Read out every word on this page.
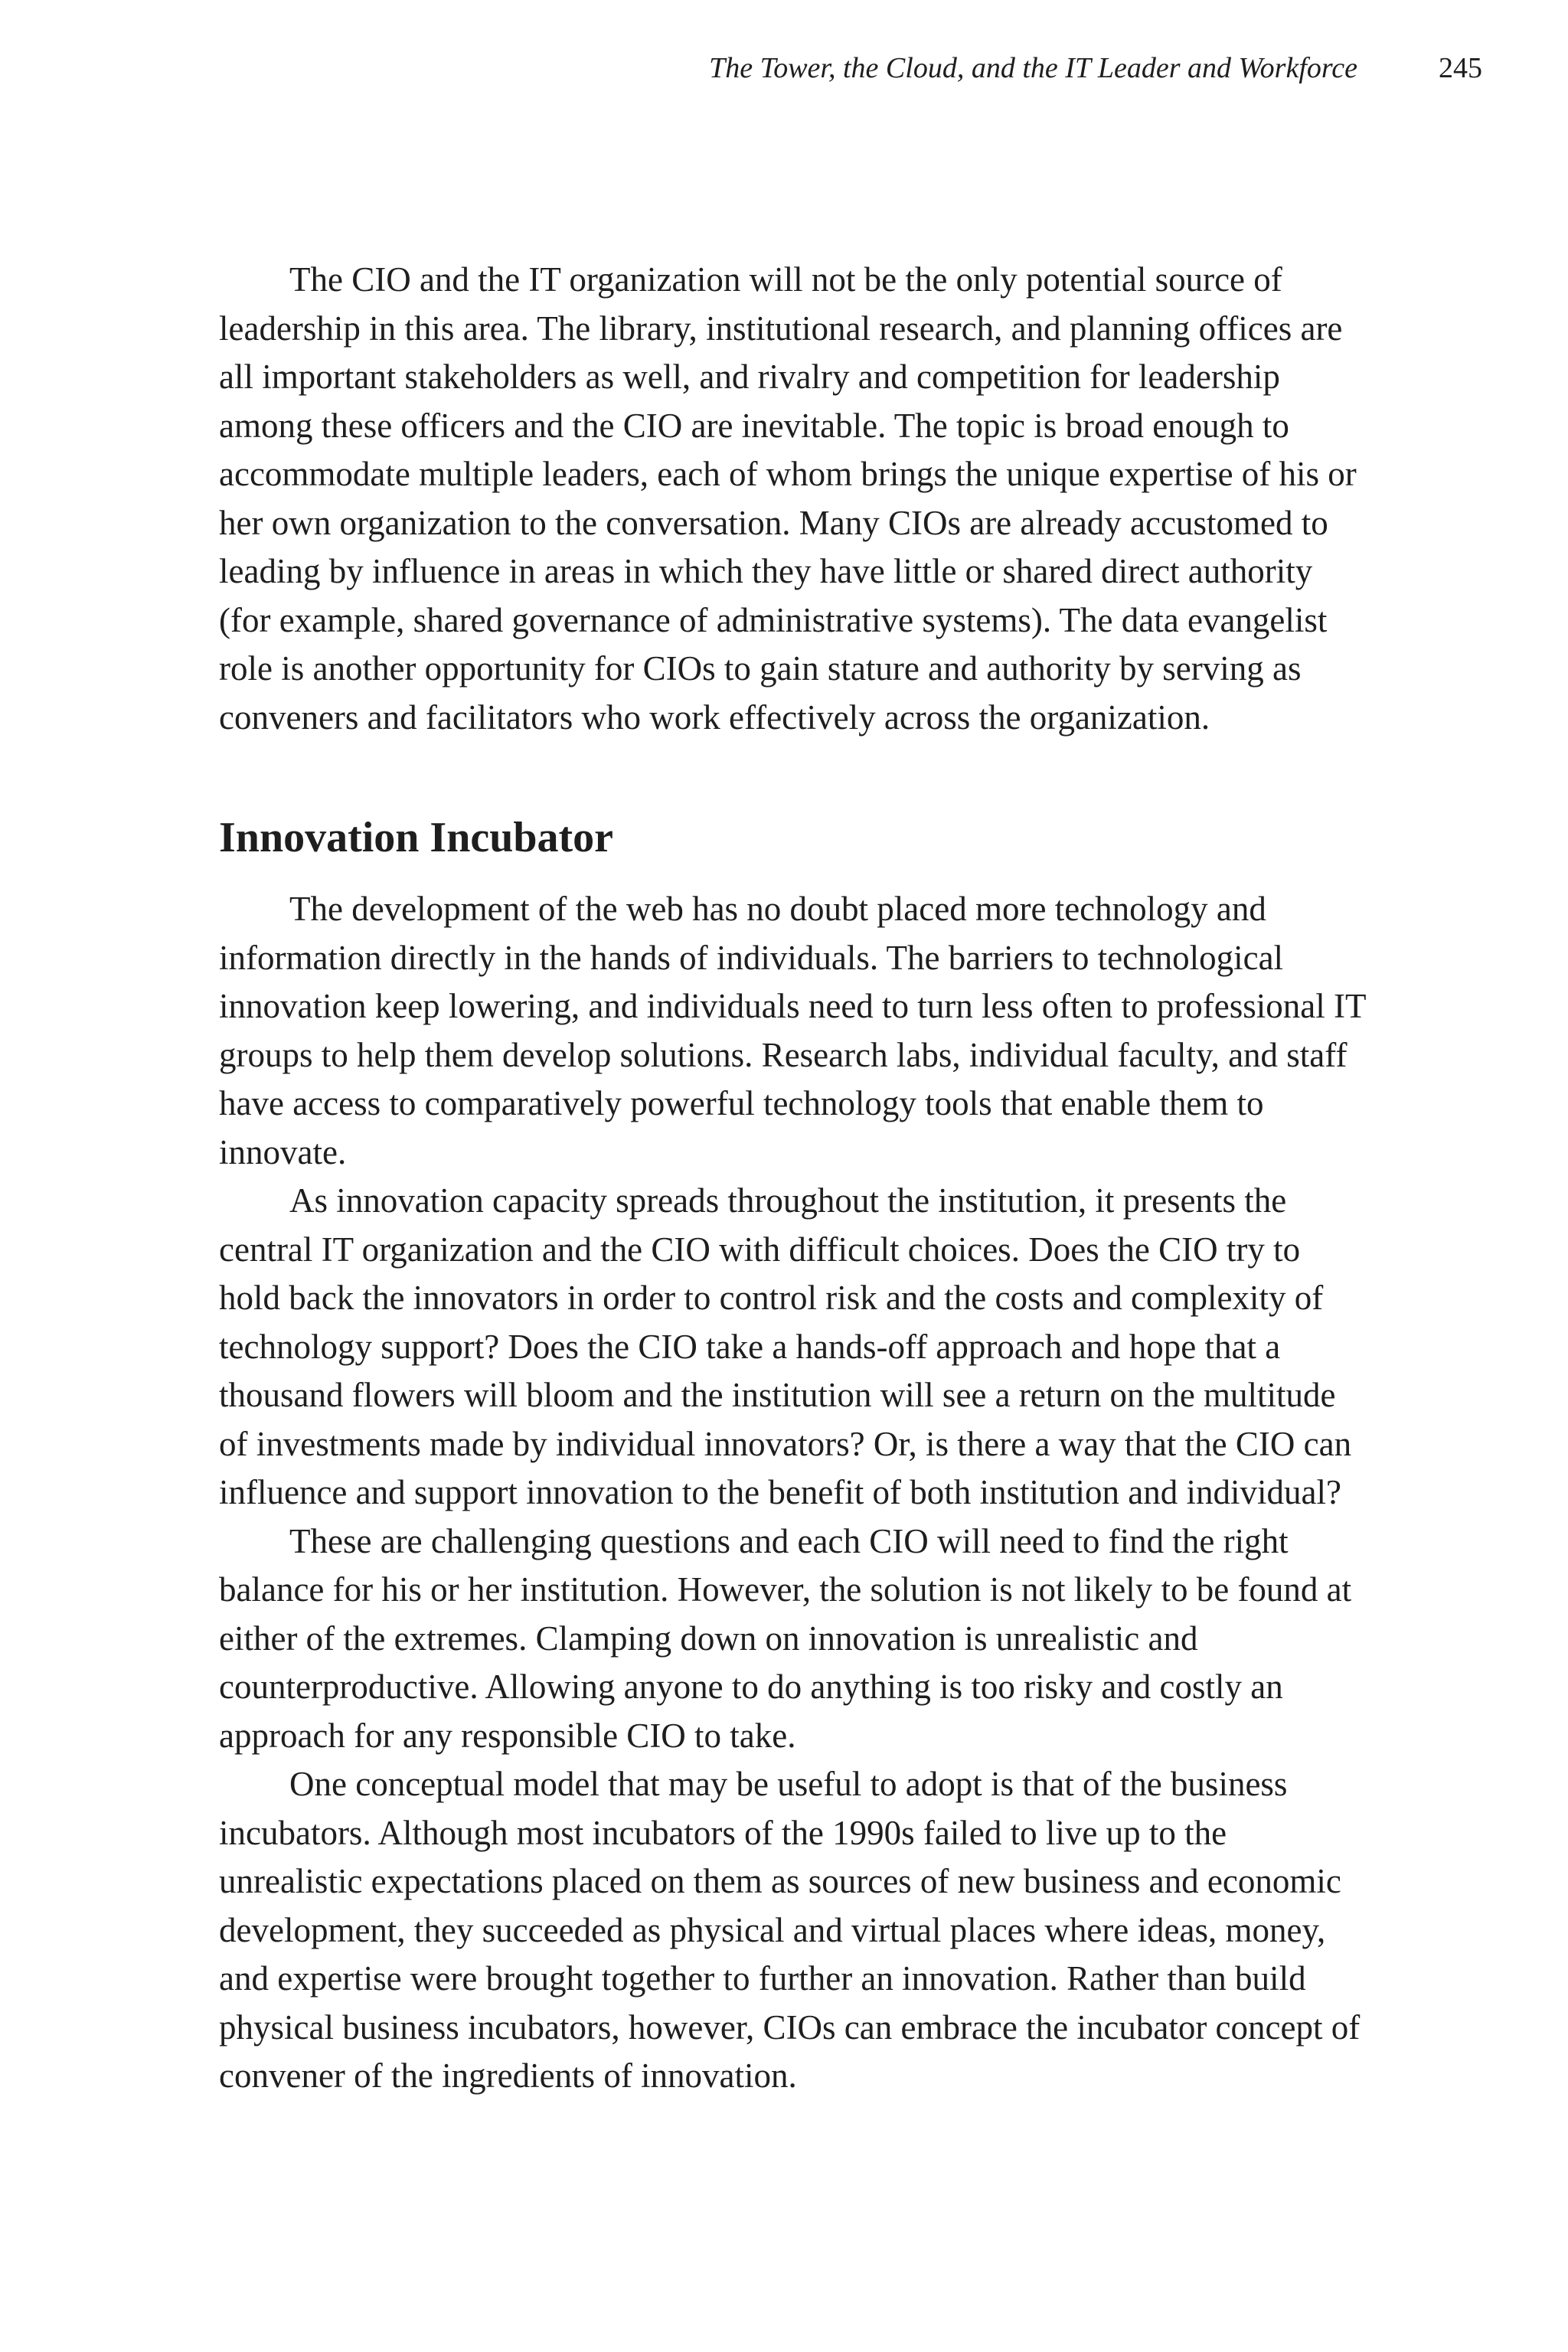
The Tower, the Cloud, and the IT Leader and Workforce	245

The CIO and the IT organization will not be the only potential source of leadership in this area. The library, institutional research, and planning offices are all important stakeholders as well, and rivalry and competition for leadership among these officers and the CIO are inevitable. The topic is broad enough to accommodate multiple leaders, each of whom brings the unique expertise of his or her own organization to the conversation. Many CIOs are already accustomed to leading by influence in areas in which they have little or shared direct authority (for example, shared governance of administrative systems). The data evangelist role is another opportunity for CIOs to gain stature and authority by serving as conveners and facilitators who work effectively across the organization.

Innovation Incubator

The development of the web has no doubt placed more technology and information directly in the hands of individuals. The barriers to technological innovation keep lowering, and individuals need to turn less often to professional IT groups to help them develop solutions. Research labs, individual faculty, and staff have access to comparatively powerful technology tools that enable them to innovate.

As innovation capacity spreads throughout the institution, it presents the central IT organization and the CIO with difficult choices. Does the CIO try to hold back the innovators in order to control risk and the costs and complexity of technology support? Does the CIO take a hands-off approach and hope that a thousand flowers will bloom and the institution will see a return on the multitude of investments made by individual innovators? Or, is there a way that the CIO can influence and support innovation to the benefit of both institution and individual?

These are challenging questions and each CIO will need to find the right balance for his or her institution. However, the solution is not likely to be found at either of the extremes. Clamping down on innovation is unrealistic and counterproductive. Allowing anyone to do anything is too risky and costly an approach for any responsible CIO to take.

One conceptual model that may be useful to adopt is that of the business incubators. Although most incubators of the 1990s failed to live up to the unrealistic expectations placed on them as sources of new business and economic development, they succeeded as physical and virtual places where ideas, money, and expertise were brought together to further an innovation. Rather than build physical business incubators, however, CIOs can embrace the incubator concept of convener of the ingredients of innovation.
